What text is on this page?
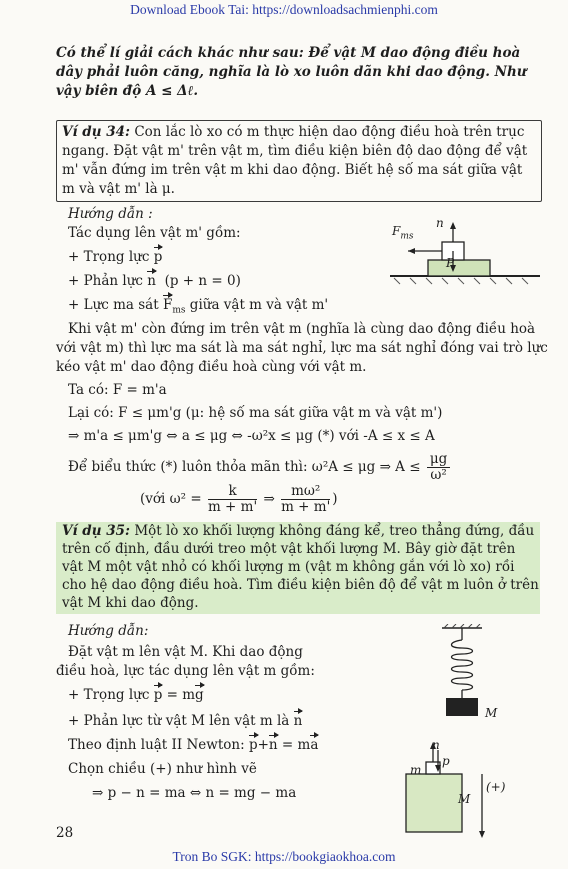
Download Ebook Tai: https://downloadsachmienphi.com
Có thể lí giải cách khác như sau: Để vật M dao động điều hoà
dây phải luôn căng, nghĩa là lò xo luôn dãn khi dao động. Như
vậy biên độ A ≤ Δℓ.
Ví dụ 34: Con lắc lò xo có m thực hiện dao động điều hoà trên trục
ngang. Đặt vật m' trên vật m, tìm điều kiện biên độ dao động để vật
m' vẫn đứng im trên vật m khi dao động. Biết hệ số ma sát giữa vật
m và vật m' là μ.
Hướng dẫn :
Tác dụng lên vật m' gồm:
+ Trọng lực p
+ Phản lực n (p + n = 0)
+ Lực ma sát $F_{ms}$ giữa vật m và vật m'
$F_{ms}$
n
P
Khi vật m' còn đứng im trên vật m (nghĩa là cùng dao động điều hoà
với vật m) thì lực ma sát là ma sát nghỉ, lực ma sát nghỉ đóng vai trò lực
kéo vật m' dao động điều hoà cùng với vật m.
Ta có: F = m'a
Lại có: F ≤ μm'g (μ: hệ số ma sát giữa vật m và vật m')
⇒ m'a ≤ μm'g ⇔ a ≤ μg ⇔ -ω²x ≤ μg (*) với -A ≤ x ≤ A
Để biểu thức (*) luôn thỏa mãn thì: ω²A ≤ μg ⇒ $A \le \frac{\mu g}{\text{ω²}}$
(với $\omega^2 = \frac{k}{m + m'}$ ⇒ $\frac{\text{mω²}}{m + m'}$ )
Ví dụ 35: Một lò xo khối lượng không đáng kể, treo thẳng đứng, đầu
trên cố định, đầu dưới treo một vật khối lượng M. Bây giờ đặt trên
vật M một vật nhỏ có khối lượng m (vật m không gắn với lò xo) rồi
cho hệ dao động điều hoà. Tìm điều kiện biên độ để vật m luôn ở trên
vật M khi dao động.
Hướng dẫn:
Đặt vật m lên vật M. Khi dao động
điều hoà, lực tác dụng lên vật m gồm:
+ Trọng lực p = mg
+ Phản lực từ vật M lên vật m là n
Theo định luật II Newton: p+n = ma
Chọn chiều (+) như hình vẽ
⇒ p − n = ma ⇔ n = mg − ma
M
n
p
m
M
(+)
28
Tron Bo SGK: https://bookgiaokhoa.com
